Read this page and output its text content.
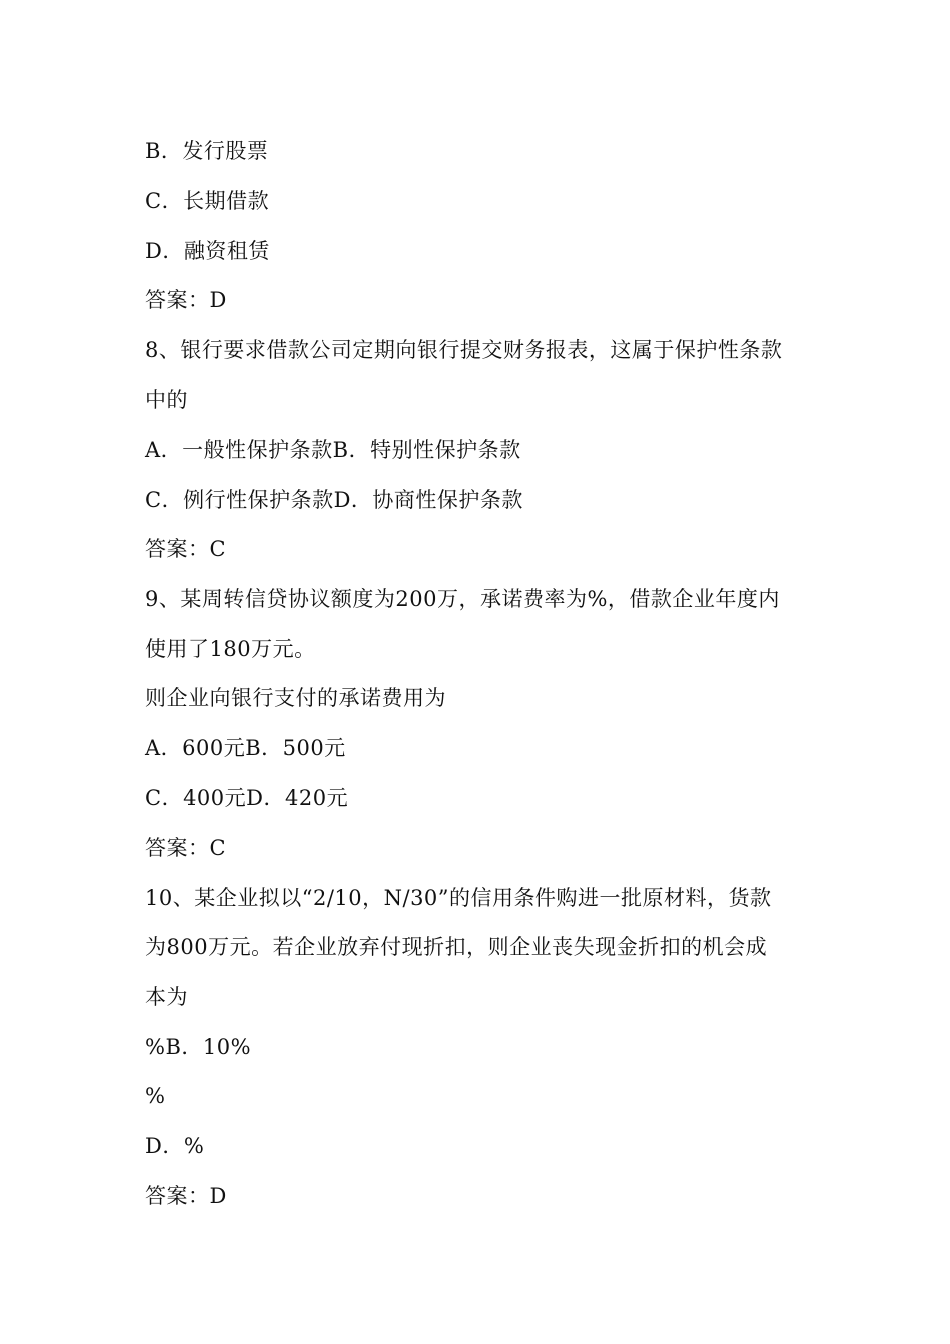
B．发行股票
C．长期借款
D．融资租赁
答案：D
8、银行要求借款公司定期向银行提交财务报表，这属于保护性条款
中的
A．一般性保护条款B．特别性保护条款
C．例行性保护条款D．协商性保护条款
答案：C
9、某周转信贷协议额度为200万，承诺费率为%，借款企业年度内
使用了180万元。
则企业向银行支付的承诺费用为
A．600元B．500元
C．400元D．420元
答案：C
10、某企业拟以“2/10，N/30”的信用条件购进一批原材料，货款
为800万元。若企业放弃付现折扣，则企业丧失现金折扣的机会成
本为
%B．10%
%
D．%
答案：D
